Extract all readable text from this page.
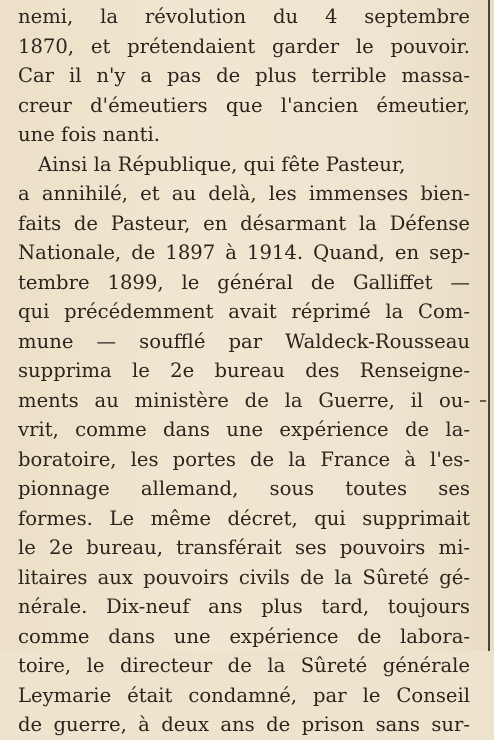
nemi, la révolution du 4 septembre
1870, et prétendaient garder le pouvoir.
Car il n'y a pas de plus terrible massa-
creur d'émeutiers que l'ancien émeutier,
une fois nanti.
Ainsi la République, qui fête Pasteur,
a annihilé, et au delà, les immenses bien-
faits de Pasteur, en désarmant la Défense
Nationale, de 1897 à 1914. Quand, en sep-
tembre 1899, le général de Galliffet —
qui précédemment avait réprimé la Com-
mune — soufflé par Waldeck-Rousseau
supprima le 2e bureau des Renseigne-
ments au ministère de la Guerre, il ou-
vrit, comme dans une expérience de la-
boratoire, les portes de la France à l'es-
pionnage allemand, sous toutes ses
formes. Le même décret, qui supprimait
le 2e bureau, transférait ses pouvoirs mi-
litaires aux pouvoirs civils de la Sûreté gé-
nérale. Dix-neuf ans plus tard, toujours
comme dans une expérience de labora-
toire, le directeur de la Sûreté générale
Leymarie était condamné, par le Conseil
de guerre, à deux ans de prison sans sur-
